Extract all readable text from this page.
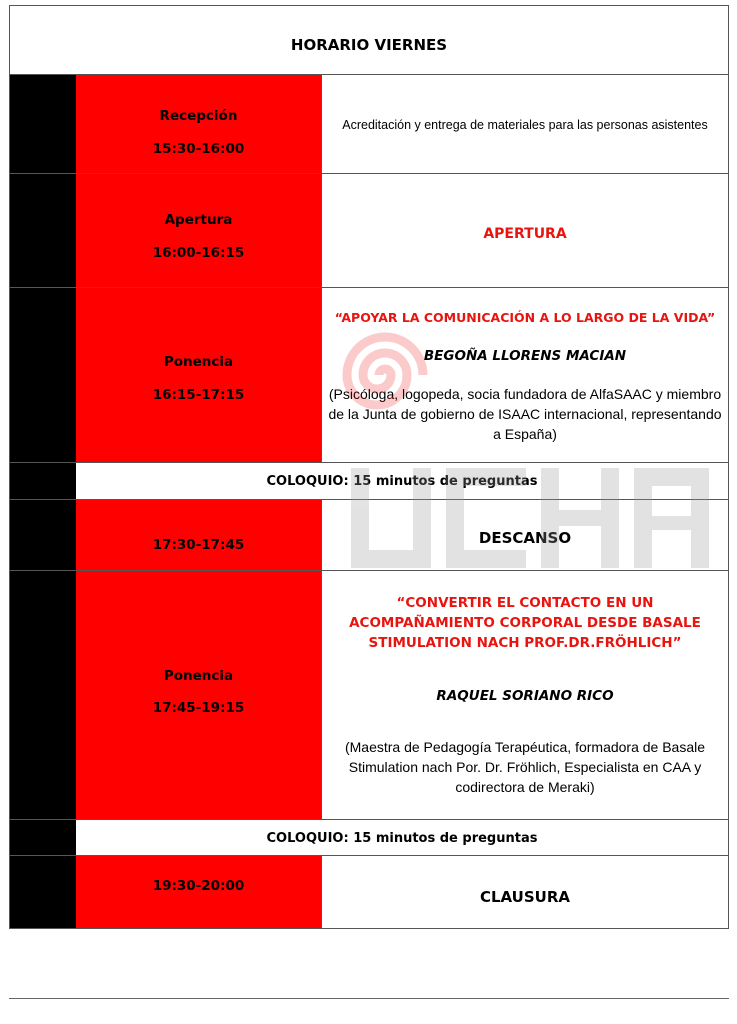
HORARIO VIERNES
Recepción
15:30-16:00
Acreditación y entrega de materiales para las personas asistentes
Apertura
16:00-16:15
APERTURA
Ponencia
16:15-17:15
“APOYAR LA COMUNICACIÓN A LO LARGO DE LA VIDA”
BEGOÑA LLORENS MACIAN
(Psicóloga, logopeda, socia fundadora de AlfaSAAC y miembro de la Junta de gobierno de ISAAC internacional, representando a España)
COLOQUIO: 15 minutos de preguntas
17:30-17:45	DESCANSO
Ponencia
17:45-19:15
“CONVERTIR EL CONTACTO EN UN ACOMPAÑAMIENTO CORPORAL DESDE BASALE STIMULATION NACH PROF.DR.FRÖHLICH”
RAQUEL SORIANO RICO
(Maestra de Pedagogía Terapéutica, formadora de Basale Stimulation nach Por. Dr. Fröhlich, Especialista en CAA y codirectora de Meraki)
COLOQUIO: 15 minutos de preguntas
19:30-20:00
CLAUSURA
